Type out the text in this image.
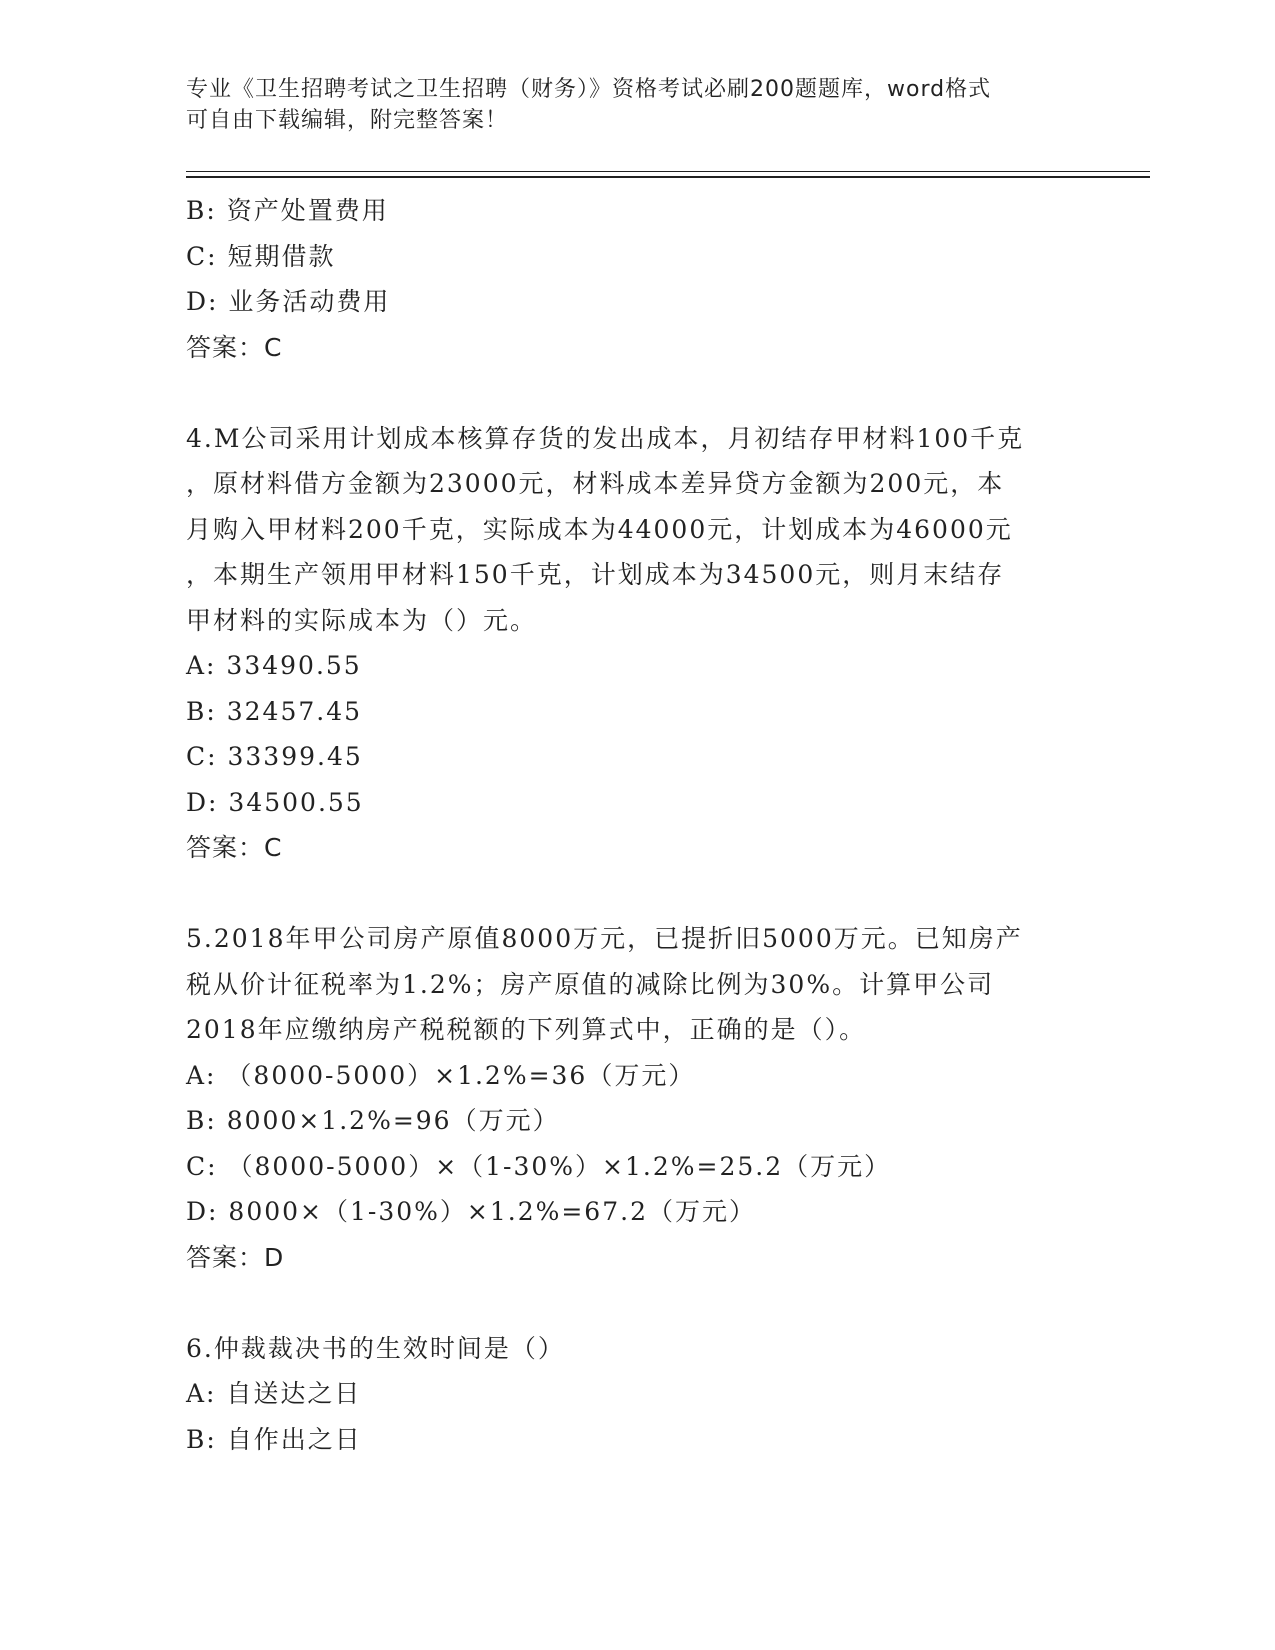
专业《卫生招聘考试之卫生招聘（财务）》资格考试必刷200题题库，word格式
可自由下载编辑，附完整答案！
B: 资产处置费用
C: 短期借款
D: 业务活动费用
答案：C
4.M公司采用计划成本核算存货的发出成本，月初结存甲材料100千克
，原材料借方金额为23000元，材料成本差异贷方金额为200元，本
月购入甲材料200千克，实际成本为44000元，计划成本为46000元
，本期生产领用甲材料150千克，计划成本为34500元，则月末结存
甲材料的实际成本为（）元。
A: 33490.55
B: 32457.45
C: 33399.45
D: 34500.55
答案：C
5.2018年甲公司房产原值8000万元，已提折旧5000万元。已知房产
税从价计征税率为1.2%；房产原值的减除比例为30%。计算甲公司
2018年应缴纳房产税税额的下列算式中，正确的是（）。
A: （8000-5000）×1.2%=36（万元）
B: 8000×1.2%=96（万元）
C: （8000-5000）×（1-30%）×1.2%=25.2（万元）
D: 8000×（1-30%）×1.2%=67.2（万元）
答案：D
6.仲裁裁决书的生效时间是（）
A: 自送达之日
B: 自作出之日
